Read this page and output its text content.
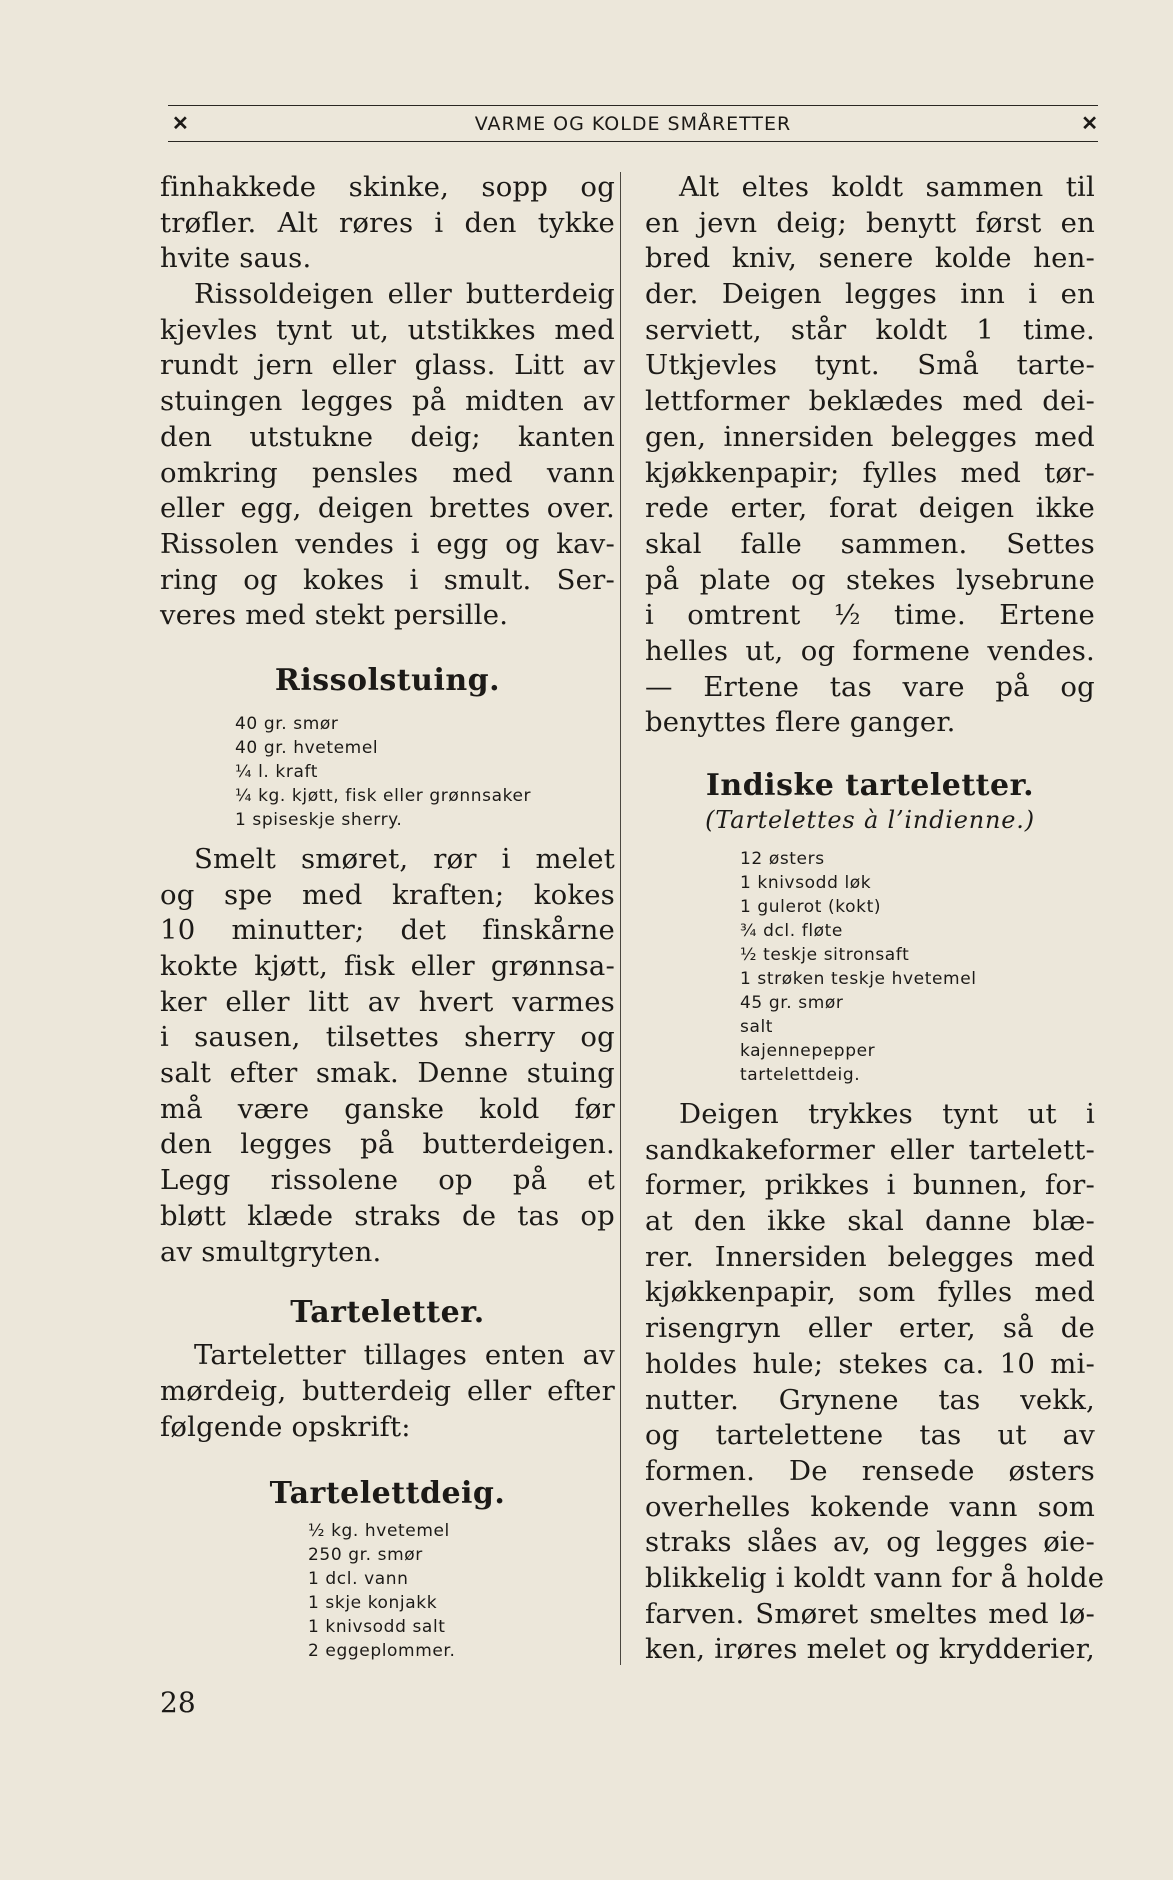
✕	VARME OG KOLDE SMÅRETTER	✕
finhakkede skinke, sopp og
trøfler. Alt røres i den tykke
hvite saus.
Rissoldeigen eller butterdeig
kjevles tynt ut, utstikkes med
rundt jern eller glass. Litt av
stuingen legges på midten av
den utstukne deig; kanten
omkring pensles med vann
eller egg, deigen brettes over.
Rissolen vendes i egg og kav-
ring og kokes i smult. Ser-
veres med stekt persille.
Rissolstuing.
40 gr. smør
40 gr. hvetemel
¼ l. kraft
¼ kg. kjøtt, fisk eller grønnsaker
1 spiseskje sherry.
Smelt smøret, rør i melet
og spe med kraften; kokes
10 minutter; det finskårne
kokte kjøtt, fisk eller grønnsa-
ker eller litt av hvert varmes
i sausen, tilsettes sherry og
salt efter smak. Denne stuing
må være ganske kold før
den legges på butterdeigen.
Legg rissolene op på et
bløtt klæde straks de tas op
av smultgryten.
Tarteletter.
Tarteletter tillages enten av
mørdeig, butterdeig eller efter
følgende opskrift:
Tartelettdeig.
½ kg. hvetemel
250 gr. smør
1 dcl. vann
1 skje konjakk
1 knivsodd salt
2 eggeplommer.
Alt eltes koldt sammen til
en jevn deig; benytt først en
bred kniv, senere kolde hen-
der. Deigen legges inn i en
serviett, står koldt 1 time.
Utkjevles tynt. Små tarte-
lettformer beklædes med dei-
gen, innersiden belegges med
kjøkkenpapir; fylles med tør-
rede erter, forat deigen ikke
skal falle sammen. Settes
på plate og stekes lysebrune
i omtrent ½ time. Ertene
helles ut, og formene vendes.
— Ertene tas vare på og
benyttes flere ganger.
Indiske tarteletter.
(Tartelettes à l’indienne.)
12 østers
1 knivsodd løk
1 gulerot (kokt)
¾ dcl. fløte
½ teskje sitronsaft
1 strøken teskje hvetemel
45 gr. smør
salt
kajennepepper
tartelettdeig.
Deigen trykkes tynt ut i
sandkakeformer eller tartelett-
former, prikkes i bunnen, for-
at den ikke skal danne blæ-
rer. Innersiden belegges med
kjøkkenpapir, som fylles med
risengryn eller erter, så de
holdes hule; stekes ca. 10 mi-
nutter. Grynene tas vekk,
og tartelettene tas ut av
formen. De rensede østers
overhelles kokende vann som
straks slåes av, og legges øie-
blikkelig i koldt vann for å holde
farven. Smøret smeltes med lø-
ken, irøres melet og krydderier,
28
